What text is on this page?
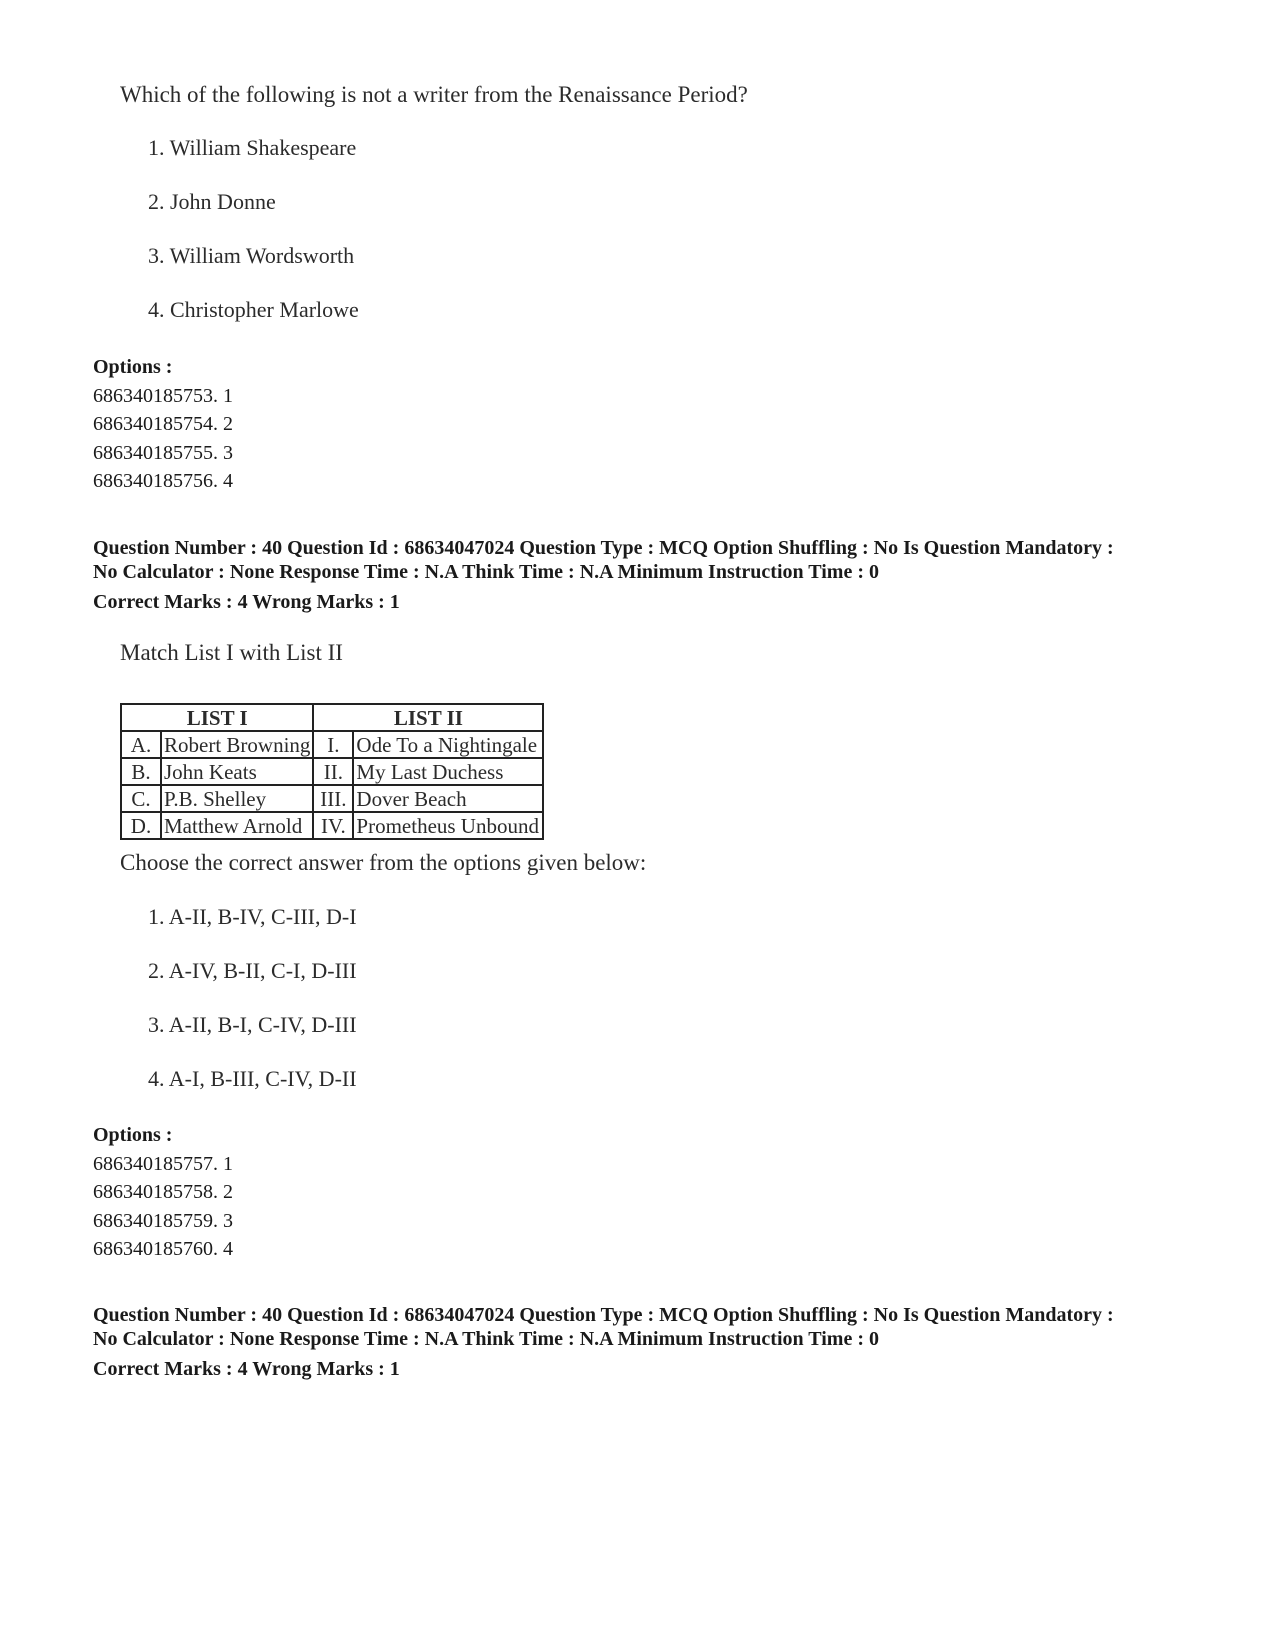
Which of the following is not a writer from the Renaissance Period?
1. William Shakespeare
2. John Donne
3. William Wordsworth
4. Christopher Marlowe
Options :
686340185753. 1
686340185754. 2
686340185755. 3
686340185756. 4
Question Number : 40 Question Id : 68634047024 Question Type : MCQ Option Shuffling : No Is Question Mandatory :
No Calculator : None Response Time : N.A Think Time : N.A Minimum Instruction Time : 0
Correct Marks : 4 Wrong Marks : 1
Match List I with List II
LIST I		LIST II	
A.	Robert Browning	I.	Ode To a Nightingale
B.	John Keats	II.	My Last Duchess
C.	P.B. Shelley	III.	Dover Beach
D.	Matthew Arnold	IV.	Prometheus Unbound
Choose the correct answer from the options given below:
1. A-II, B-IV, C-III, D-I
2. A-IV, B-II, C-I, D-III
3. A-II, B-I, C-IV, D-III
4. A-I, B-III, C-IV, D-II
Options :
686340185757. 1
686340185758. 2
686340185759. 3
686340185760. 4
Question Number : 40 Question Id : 68634047024 Question Type : MCQ Option Shuffling : No Is Question Mandatory :
No Calculator : None Response Time : N.A Think Time : N.A Minimum Instruction Time : 0
Correct Marks : 4 Wrong Marks : 1
